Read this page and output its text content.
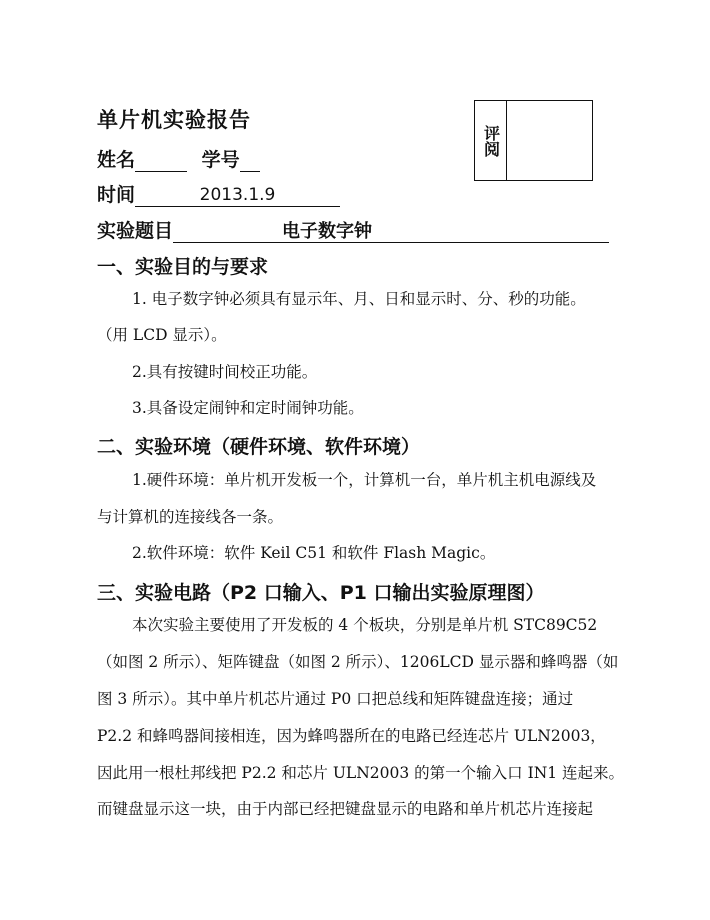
单片机实验报告
姓名	学号
时间	2013.1.9
实验题目	电子数字钟
评阅
一、实验目的与要求
1. 电子数字钟必须具有显示年、月、日和显示时、分、秒的功能。
（用 LCD 显示）。
2.具有按键时间校正功能。
3.具备设定闹钟和定时闹钟功能。
二、实验环境（硬件环境、软件环境）
1.硬件环境：单片机开发板一个，计算机一台，单片机主机电源线及
与计算机的连接线各一条。
2.软件环境：软件 Keil C51 和软件 Flash Magic。
三、实验电路（P2 口输入、P1 口输出实验原理图）
本次实验主要使用了开发板的 4 个板块，分别是单片机 STC89C52
（如图 2 所示）、矩阵键盘（如图 2 所示）、1206LCD 显示器和蜂鸣器（如
图 3 所示）。其中单片机芯片通过 P0 口把总线和矩阵键盘连接；通过
P2.2 和蜂鸣器间接相连，因为蜂鸣器所在的电路已经连芯片 ULN2003，
因此用一根杜邦线把 P2.2 和芯片 ULN2003 的第一个输入口 IN1 连起来。
而键盘显示这一块，由于内部已经把键盘显示的电路和单片机芯片连接起
